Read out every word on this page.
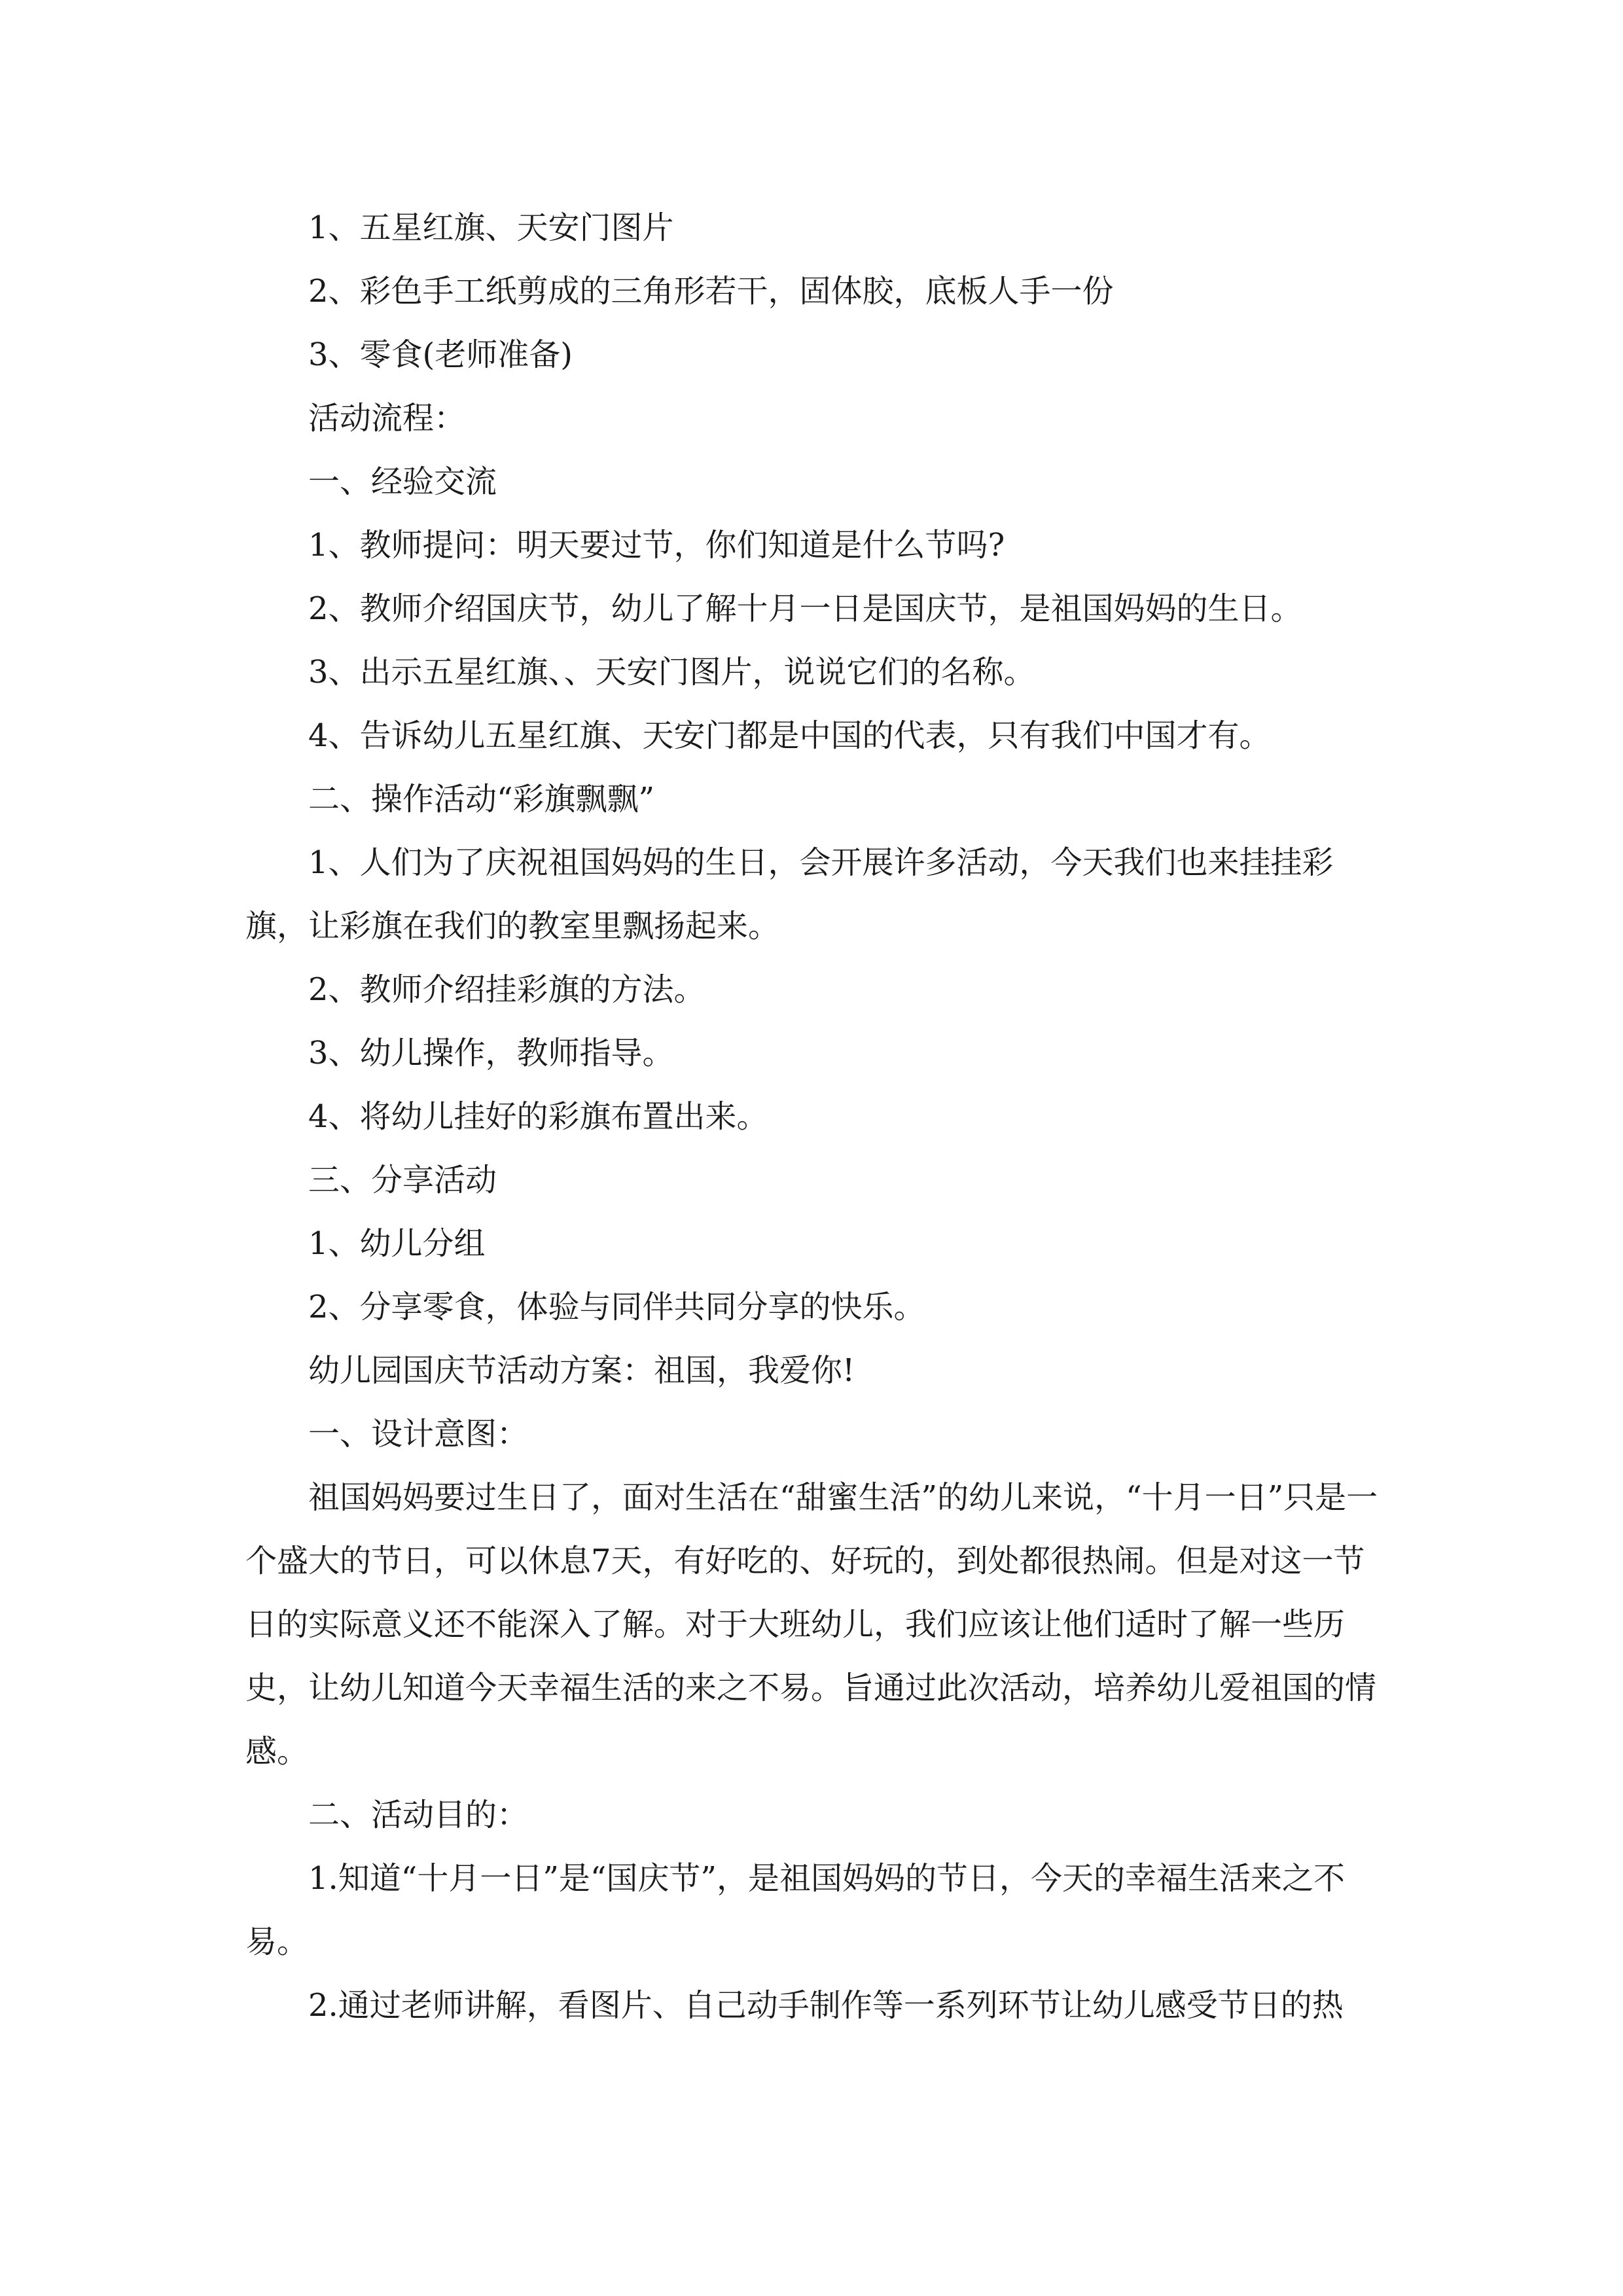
1、五星红旗、天安门图片

2、彩色手工纸剪成的三角形若干，固体胶，底板人手一份

3、零食(老师准备)

活动流程：

一、经验交流

1、教师提问：明天要过节，你们知道是什么节吗?

2、教师介绍国庆节，幼儿了解十月一日是国庆节，是祖国妈妈的生日。

3、出示五星红旗、、天安门图片，说说它们的名称。

4、告诉幼儿五星红旗、天安门都是中国的代表，只有我们中国才有。

二、操作活动“彩旗飘飘”

1、人们为了庆祝祖国妈妈的生日，会开展许多活动，今天我们也来挂挂彩旗，让彩旗在我们的教室里飘扬起来。

2、教师介绍挂彩旗的方法。

3、幼儿操作，教师指导。

4、将幼儿挂好的彩旗布置出来。

三、分享活动

1、幼儿分组

2、分享零食，体验与同伴共同分享的快乐。

幼儿园国庆节活动方案：祖国，我爱你!

一、设计意图：

祖国妈妈要过生日了，面对生活在“甜蜜生活”的幼儿来说，“十月一日”只是一个盛大的节日，可以休息7天，有好吃的、好玩的，到处都很热闹。但是对这一节日的实际意义还不能深入了解。对于大班幼儿，我们应该让他们适时了解一些历史，让幼儿知道今天幸福生活的来之不易。旨通过此次活动，培养幼儿爱祖国的情感。

二、活动目的：

1.知道“十月一日”是“国庆节”，是祖国妈妈的节日，今天的幸福生活来之不易。

2.通过老师讲解，看图片、自己动手制作等一系列环节让幼儿感受节日的热
